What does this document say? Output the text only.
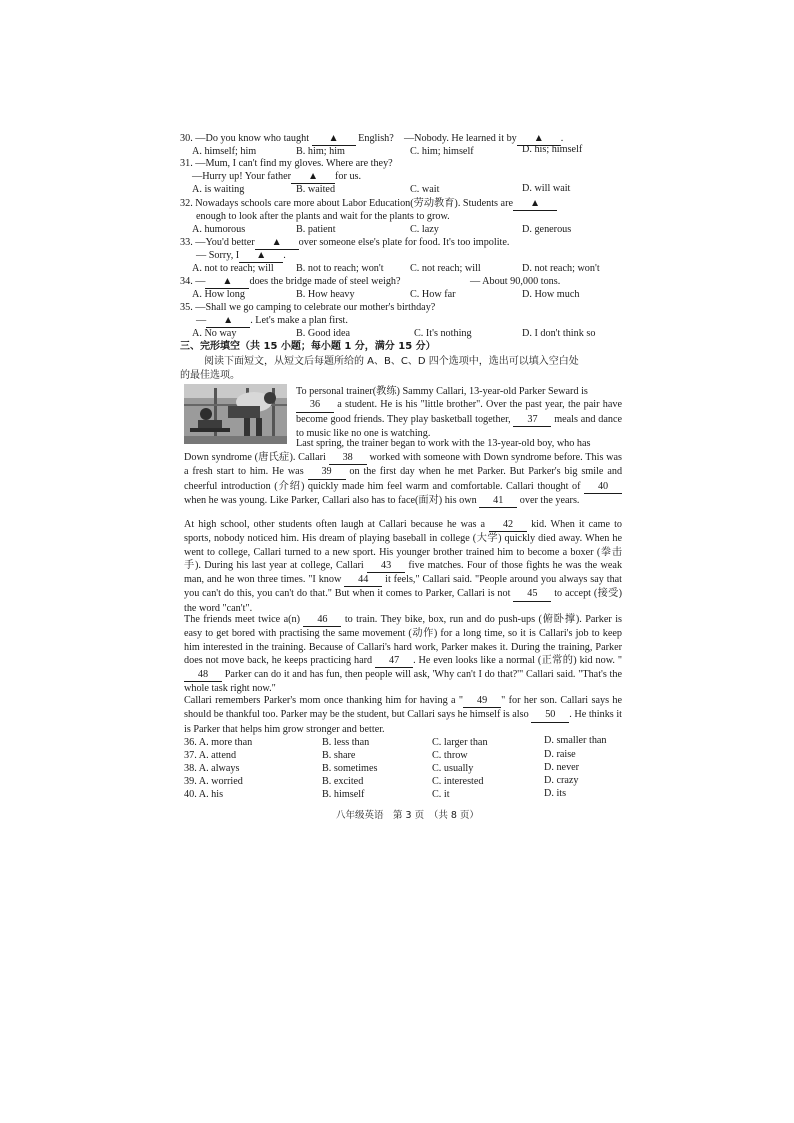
30. —Do you know who taught ▲ English? —Nobody. He learned it by ▲ .
A. himself; him	B. him; him	C. him; himself	D. his; himself
31. —Mum, I can't find my gloves. Where are they?
—Hurry up! Your father ▲ for us.
A. is waiting	B. waited	C. wait	D. will wait
32. Nowadays schools care more about Labor Education(劳动教育). Students are ▲
enough to look after the plants and wait for the plants to grow.
A. humorous	B. patient	C. lazy	D. generous
33. —You'd better ▲ over someone else's plate for food. It's too impolite.
— Sorry, I ▲ .
A. not to reach; will B. not to reach; won't	C. not reach; will	D. not reach; won't
34. — ▲ does the bridge made of steel weigh?	— About 90,000 tons.
A. How long	B. How heavy	C. How far	D. How much
35. —Shall we go camping to celebrate our mother's birthday?
— ▲ . Let's make a plan first.
A. No way	B. Good idea	C. It's nothing	D. I don't think so
三、完形填空（共 15 小题；每小题 1 分，满分 15 分）
阅读下面短文，从短文后每题所给的 A、B、C、D 四个选项中，选出可以填入空白处
的最佳选项。
To personal trainer(教练) Sammy Callari, 13-year-old Parker Seward is
36 a student. He is his "little brother". Over the past year, the pair have become good friends. They play basketball together, 37 meals and dance to music like no one is watching.
Last spring, the trainer began to work with the 13-year-old boy, who has
Down syndrome (唐氏症). Callari 38 worked with someone with Down syndrome before. This was a fresh start to him. He was 39 on the first day when he met Parker. But Parker's big smile and cheerful introduction (介绍) quickly made him feel warm and comfortable. Callari thought of 40 when he was young. Like Parker, Callari also has to face(面对) his own 41 over the years.
At high school, other students often laugh at Callari because he was a 42 kid. When it came to sports, nobody noticed him. His dream of playing baseball in college (大学) quickly died away. When he went to college, Callari turned to a new sport. His younger brother trained him to become a boxer (拳击手). During his last year at college, Callari 43 five matches. Four of those fights he was the weak man, and he won three times. "I know 44 it feels," Callari said. "People around you always say that you can't do this, you can't do that." But when it comes to Parker, Callari is not 45 to accept (接受) the word "can't".
The friends meet twice a(n) 46 to train. They bike, box, run and do push-ups (俯卧撑). Parker is easy to get bored with practising the same movement (动作) for a long time, so it is Callari's job to keep him interested in the training. Because of Callari's hard work, Parker makes it. During the training, Parker does not move back, he keeps practicing hard 47 . He even looks like a normal (正常的) kid now. "48 Parker can do it and has fun, then people will ask, 'Why can't I do that?'" Callari said. "That's the whole task right now."
Callari remembers Parker's mom once thanking him for having a " 49 " for her son. Callari says he should be thankful too. Parker may be the student, but Callari says he himself is also 50 . He thinks it is Parker that helps him grow stronger and better.
36. A. more than	B. less than	C. larger than	D. smaller than
37. A. attend	B. share	C. throw	D. raise
38. A. always	B. sometimes	C. usually	D. never
39. A. worried	B. excited	C. interested	D. crazy
40. A. his	B. himself	C. it	D. its
八年级英语　第 3 页　（共 8 页）
